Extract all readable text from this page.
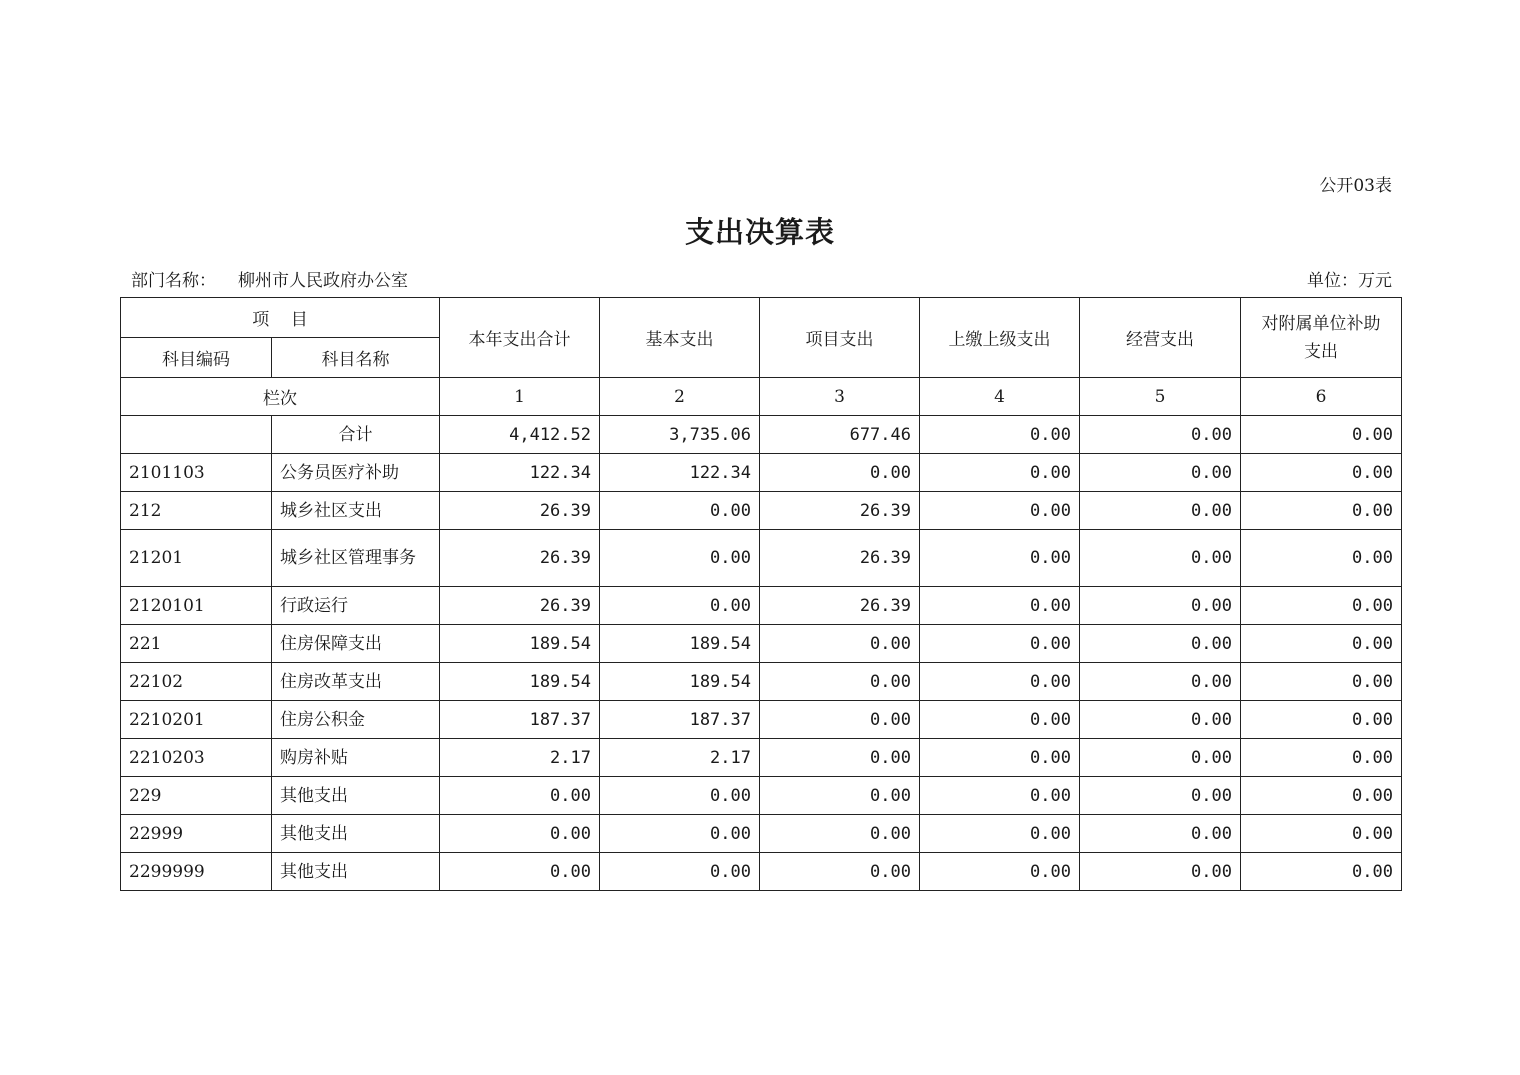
公开03表
支出决算表
部门名称： 柳州市人民政府办公室	单位：万元
项    目		本年支出合计	基本支出	项目支出	上缴上级支出	经营支出	对附属单位补助支出
科目编码	科目名称						
栏次		1	2	3	4	5	6
	合计	4,412.52	3,735.06	677.46	0.00	0.00	0.00
2101103	公务员医疗补助	122.34	122.34	0.00	0.00	0.00	0.00
212	城乡社区支出	26.39	0.00	26.39	0.00	0.00	0.00
21201	城乡社区管理事务	26.39	0.00	26.39	0.00	0.00	0.00
2120101	行政运行	26.39	0.00	26.39	0.00	0.00	0.00
221	住房保障支出	189.54	189.54	0.00	0.00	0.00	0.00
22102	住房改革支出	189.54	189.54	0.00	0.00	0.00	0.00
2210201	住房公积金	187.37	187.37	0.00	0.00	0.00	0.00
2210203	购房补贴	2.17	2.17	0.00	0.00	0.00	0.00
229	其他支出	0.00	0.00	0.00	0.00	0.00	0.00
22999	其他支出	0.00	0.00	0.00	0.00	0.00	0.00
2299999	其他支出	0.00	0.00	0.00	0.00	0.00	0.00
